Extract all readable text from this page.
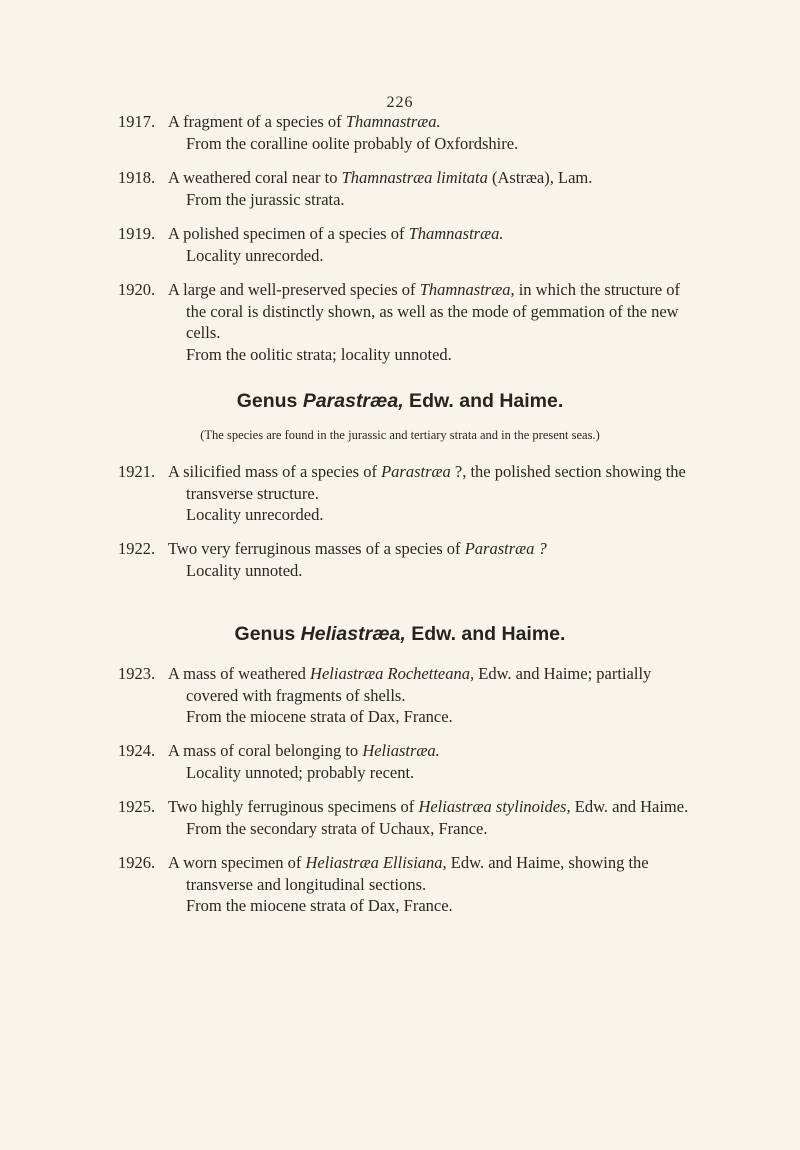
226
1917. A fragment of a species of Thamnastræa.
From the coralline oolite probably of Oxfordshire.
1918. A weathered coral near to Thamnastræa limitata (Astræa), Lam.
From the jurassic strata.
1919. A polished specimen of a species of Thamnastræa.
Locality unrecorded.
1920. A large and well-preserved species of Thamnastræa, in which the structure of
the coral is distinctly shown, as well as the mode of gemmation of the new
cells.
From the oolitic strata; locality unnoted.
Genus Parastræa, Edw. and Haime.
(The species are found in the jurassic and tertiary strata and in the present seas.)
1921. A silicified mass of a species of Parastræa ?, the polished section showing the
transverse structure.
Locality unrecorded.
1922. Two very ferruginous masses of a species of Parastræa ?
Locality unnoted.
Genus Heliastræa, Edw. and Haime.
1923. A mass of weathered Heliastræa Rochetteana, Edw. and Haime; partially
covered with fragments of shells.
From the miocene strata of Dax, France.
1924. A mass of coral belonging to Heliastræa.
Locality unnoted; probably recent.
1925. Two highly ferruginous specimens of Heliastræa stylinoides, Edw. and Haime.
From the secondary strata of Uchaux, France.
1926. A worn specimen of Heliastræa Ellisiana, Edw. and Haime, showing the
transverse and longitudinal sections.
From the miocene strata of Dax, France.
